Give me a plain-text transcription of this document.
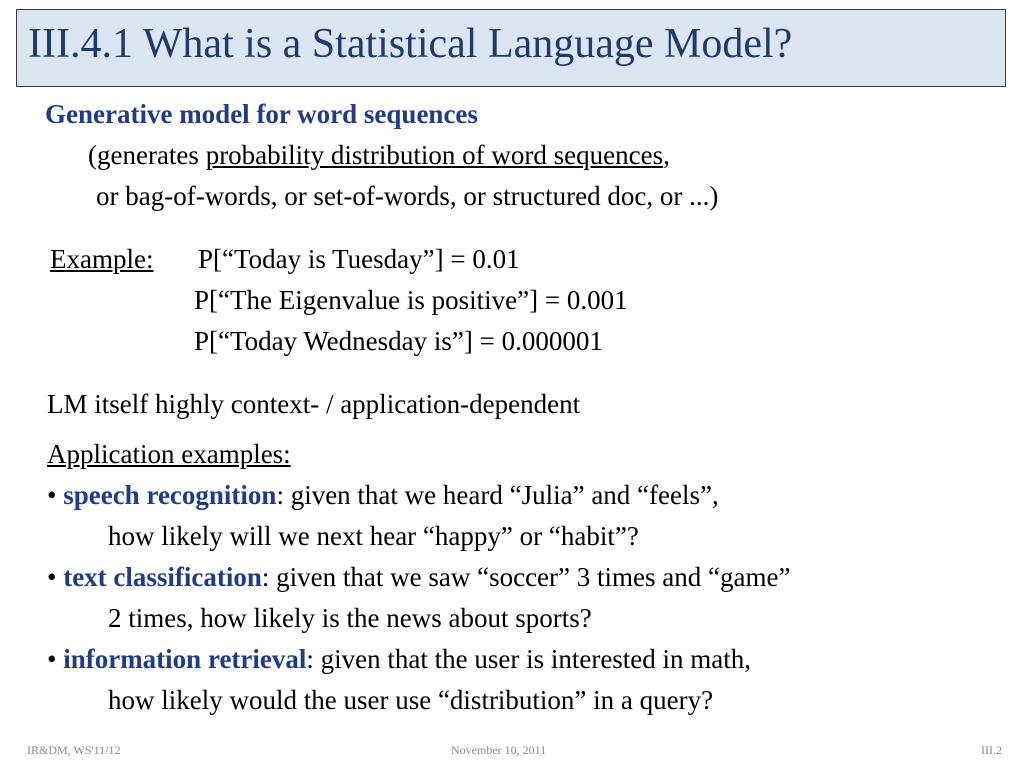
III.4.1 What is a Statistical Language Model?
Generative model for word sequences
(generates probability distribution of word sequences,
or bag-of-words, or set-of-words, or structured doc, or ...)
Example: P[“Today is Tuesday”] = 0.01
P[“The Eigenvalue is positive”] = 0.001
P[“Today Wednesday is”] = 0.000001
LM itself highly context- / application-dependent
Application examples:
• speech recognition: given that we heard “Julia” and “feels”,
how likely will we next hear “happy” or “habit”?
• text classification: given that we saw “soccer” 3 times and “game”
2 times, how likely is the news about sports?
• information retrieval: given that the user is interested in math,
how likely would the user use “distribution” in a query?
IR&DM, WS'11/12	November 10, 2011	III.2
